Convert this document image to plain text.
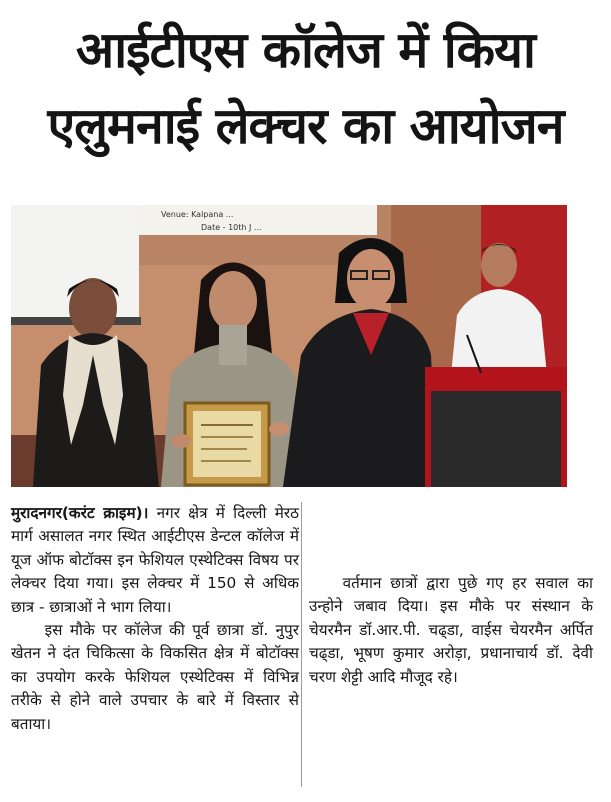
आईटीएस कॉलेज में किया
एलुमनाई लेक्चर का आयोजन
Venue: Kalpana ...
Date - 10th J ...

मुरादनगर(करंट क्राइम)। नगर क्षेत्र में दिल्ली मेरठ मार्ग असालत नगर स्थित आईटीएस डेन्टल कॉलेज में यूज ऑफ बोटॉक्स इन फेशियल एस्थेटिक्स विषय पर लेक्चर दिया गया। इस लेक्चर में 150 से अधिक छात्र - छात्राओं ने भाग लिया।

इस मौके पर कॉलेज की पूर्व छात्रा डॉ. नुपुर खेतन ने दंत चिकित्सा के विकसित क्षेत्र में बोटॉक्स का उपयोग करके फेशियल एस्थेटिक्स में विभिन्न तरीके से होने वाले उपचार के बारे में विस्तार से बताया।

वर्तमान छात्रों द्वारा पुछे गए हर सवाल का उन्होने जबाव दिया। इस मौके पर संस्थान के चेयरमैन डॉ.आर.पी. चढ्डा, वाईस चेयरमैन अर्पित चढ्डा, भूषण कुमार अरोड़ा, प्रधानाचार्य डॉ. देवी चरण शेट्टी आदि मौजूद रहे।
